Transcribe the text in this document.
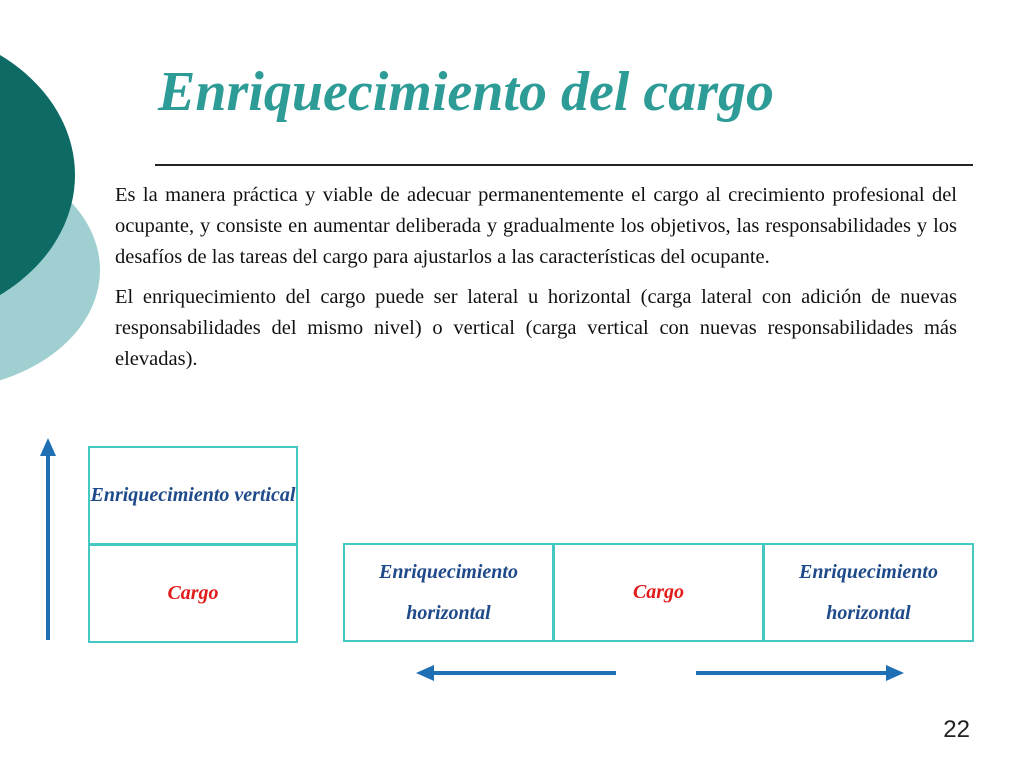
Enriquecimiento del cargo

Es la manera práctica y viable de adecuar permanentemente el cargo al crecimiento profesional del ocupante, y consiste en aumentar deliberada y gradualmente los objetivos, las responsabilidades y los desafíos de las tareas del cargo para ajustarlos a las características del ocupante.

El enriquecimiento del cargo puede ser lateral u horizontal (carga lateral con adición de nuevas responsabilidades del mismo nivel) o vertical (carga vertical con nuevas responsabilidades más elevadas).

Enriquecimiento vertical
Cargo
Enriquecimiento horizontal
Cargo
Enriquecimiento horizontal
22
